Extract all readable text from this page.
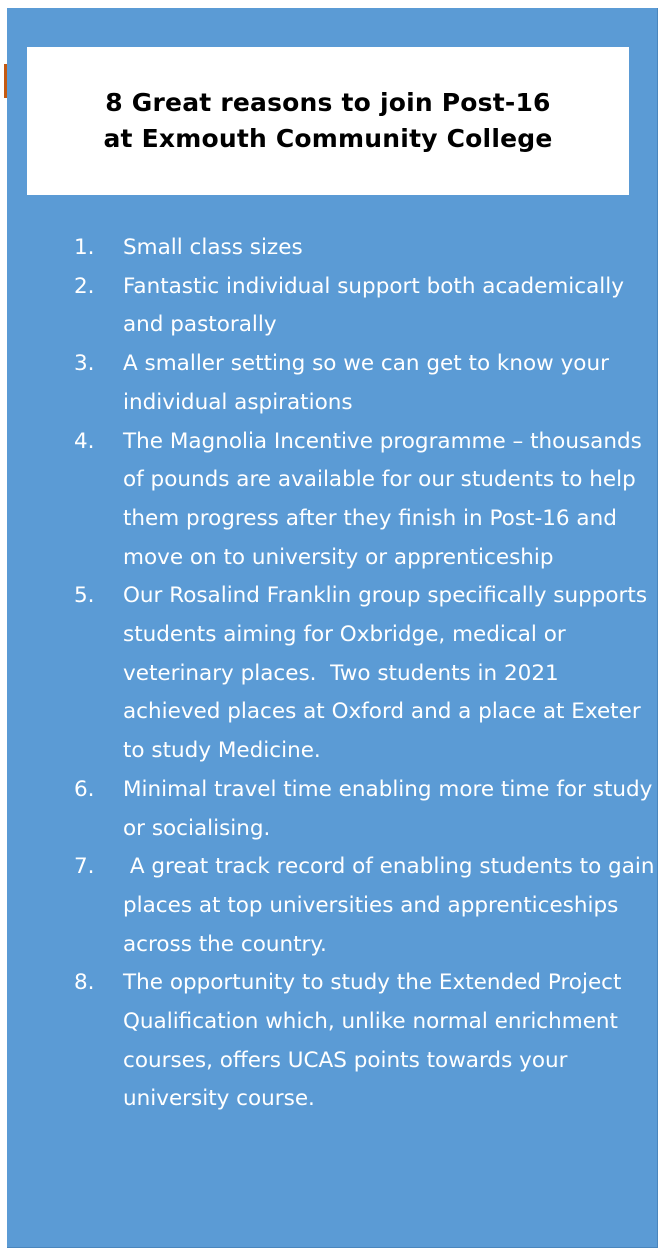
8 Great reasons to join Post-16
at Exmouth Community College
1.	Small class sizes
2.	Fantastic individual support both academically and pastorally
3.	A smaller setting so we can get to know your individual aspirations
4.	The Magnolia Incentive programme – thousands of pounds are available for our students to help them progress after they finish in Post-16 and move on to university or apprenticeship
5.	Our Rosalind Franklin group specifically supports students aiming for Oxbridge, medical or veterinary places.  Two students in 2021 achieved places at Oxford and a place at Exeter to study Medicine.
6.	Minimal travel time enabling more time for study or socialising.
7.	A great track record of enabling students to gain places at top universities and apprenticeships across the country.
8.	The opportunity to study the Extended Project Qualification which, unlike normal enrichment courses, offers UCAS points towards your university course.
